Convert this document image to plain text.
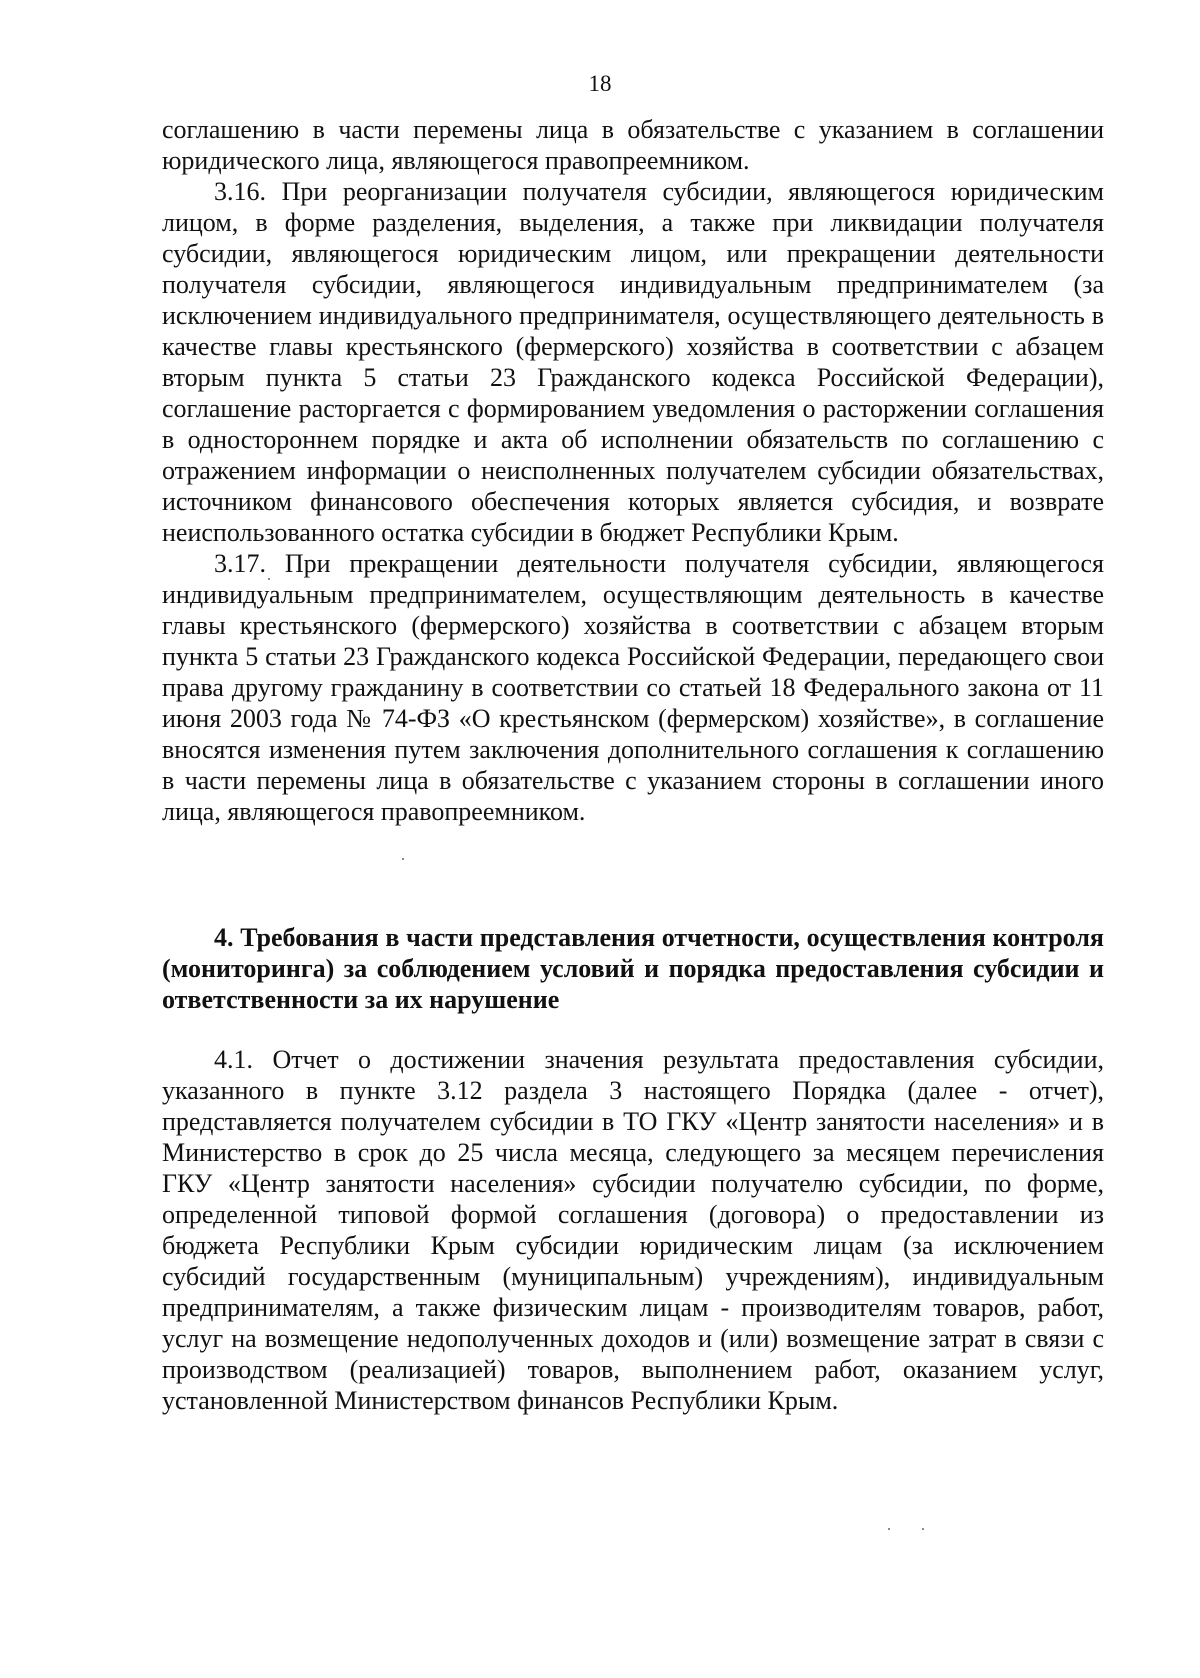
18

соглашению в части перемены лица в обязательстве с указанием в соглашении юридического лица, являющегося правопреемником.

3.16. При реорганизации получателя субсидии, являющегося юридическим лицом, в форме разделения, выделения, а также при ликвидации получателя субсидии, являющегося юридическим лицом, или прекращении деятельности получателя субсидии, являющегося индивидуальным предпринимателем (за исключением индивидуального предпринимателя, осуществляющего деятельность в качестве главы крестьянского (фермерского) хозяйства в соответствии с абзацем вторым пункта 5 статьи 23 Гражданского кодекса Российской Федерации), соглашение расторгается с формированием уведомления о расторжении соглашения в одностороннем порядке и акта об исполнении обязательств по соглашению с отражением информации о неисполненных получателем субсидии обязательствах, источником финансового обеспечения которых является субсидия, и возврате неиспользованного остатка субсидии в бюджет Республики Крым.

3.17. При прекращении деятельности получателя субсидии, являющегося индивидуальным предпринимателем, осуществляющим деятельность в качестве главы крестьянского (фермерского) хозяйства в соответствии с абзацем вторым пункта 5 статьи 23 Гражданского кодекса Российской Федерации, передающего свои права другому гражданину в соответствии со статьей 18 Федерального закона от 11 июня 2003 года № 74-ФЗ «О крестьянском (фермерском) хозяйстве», в соглашение вносятся изменения путем заключения дополнительного соглашения к соглашению в части перемены лица в обязательстве с указанием стороны в соглашении иного лица, являющегося правопреемником.

4. Требования в части представления отчетности, осуществления контроля (мониторинга) за соблюдением условий и порядка предоставления субсидии и ответственности за их нарушение

4.1. Отчет о достижении значения результата предоставления субсидии, указанного в пункте 3.12 раздела 3 настоящего Порядка (далее - отчет), представляется получателем субсидии в ТО ГКУ «Центр занятости населения» и в Министерство в срок до 25 числа месяца, следующего за месяцем перечисления ГКУ «Центр занятости населения» субсидии получателю субсидии, по форме, определенной типовой формой соглашения (договора) о предоставлении из бюджета Республики Крым субсидии юридическим лицам (за исключением субсидий государственным (муниципальным) учреждениям), индивидуальным предпринимателям, а также физическим лицам - производителям товаров, работ, услуг на возмещение недополученных доходов и (или) возмещение затрат в связи с производством (реализацией) товаров, выполнением работ, оказанием услуг, установленной Министерством финансов Республики Крым.
